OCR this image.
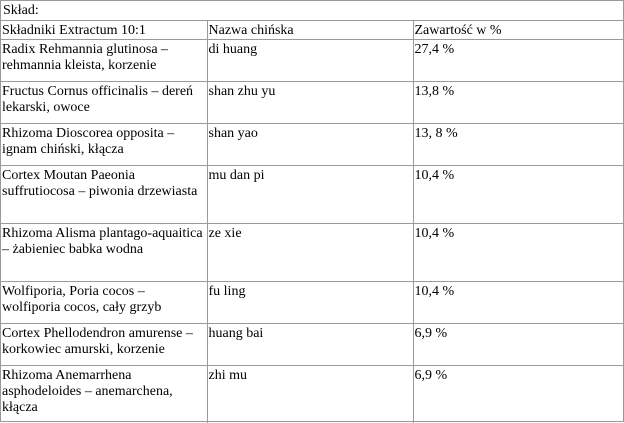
Skład:
Składniki Extractum 10:1	Nazwa chińska	Zawartość w %
Radix Rehmannia glutinosa – rehmannia kleista, korzenie	di huang	27,4 %
Fructus Cornus officinalis – dereń lekarski, owoce	shan zhu yu	13,8 %
Rhizoma Dioscorea opposita – ignam chiński, kłącza	shan yao	13, 8 %
Cortex Moutan Paeonia suffrutiocosa – piwonia drzewiasta	mu dan pi	10,4 %
Rhizoma Alisma plantago-aquaitica – żabieniec babka wodna	ze xie	10,4 %
Wolfiporia, Poria cocos – wolfiporia cocos, cały grzyb	fu ling	10,4 %
Cortex Phellodendron amurense – korkowiec amurski, korzenie	huang bai	6,9 %
Rhizoma Anemarrhena asphodeloides – anemarchena, kłącza	zhi mu	6,9 %
